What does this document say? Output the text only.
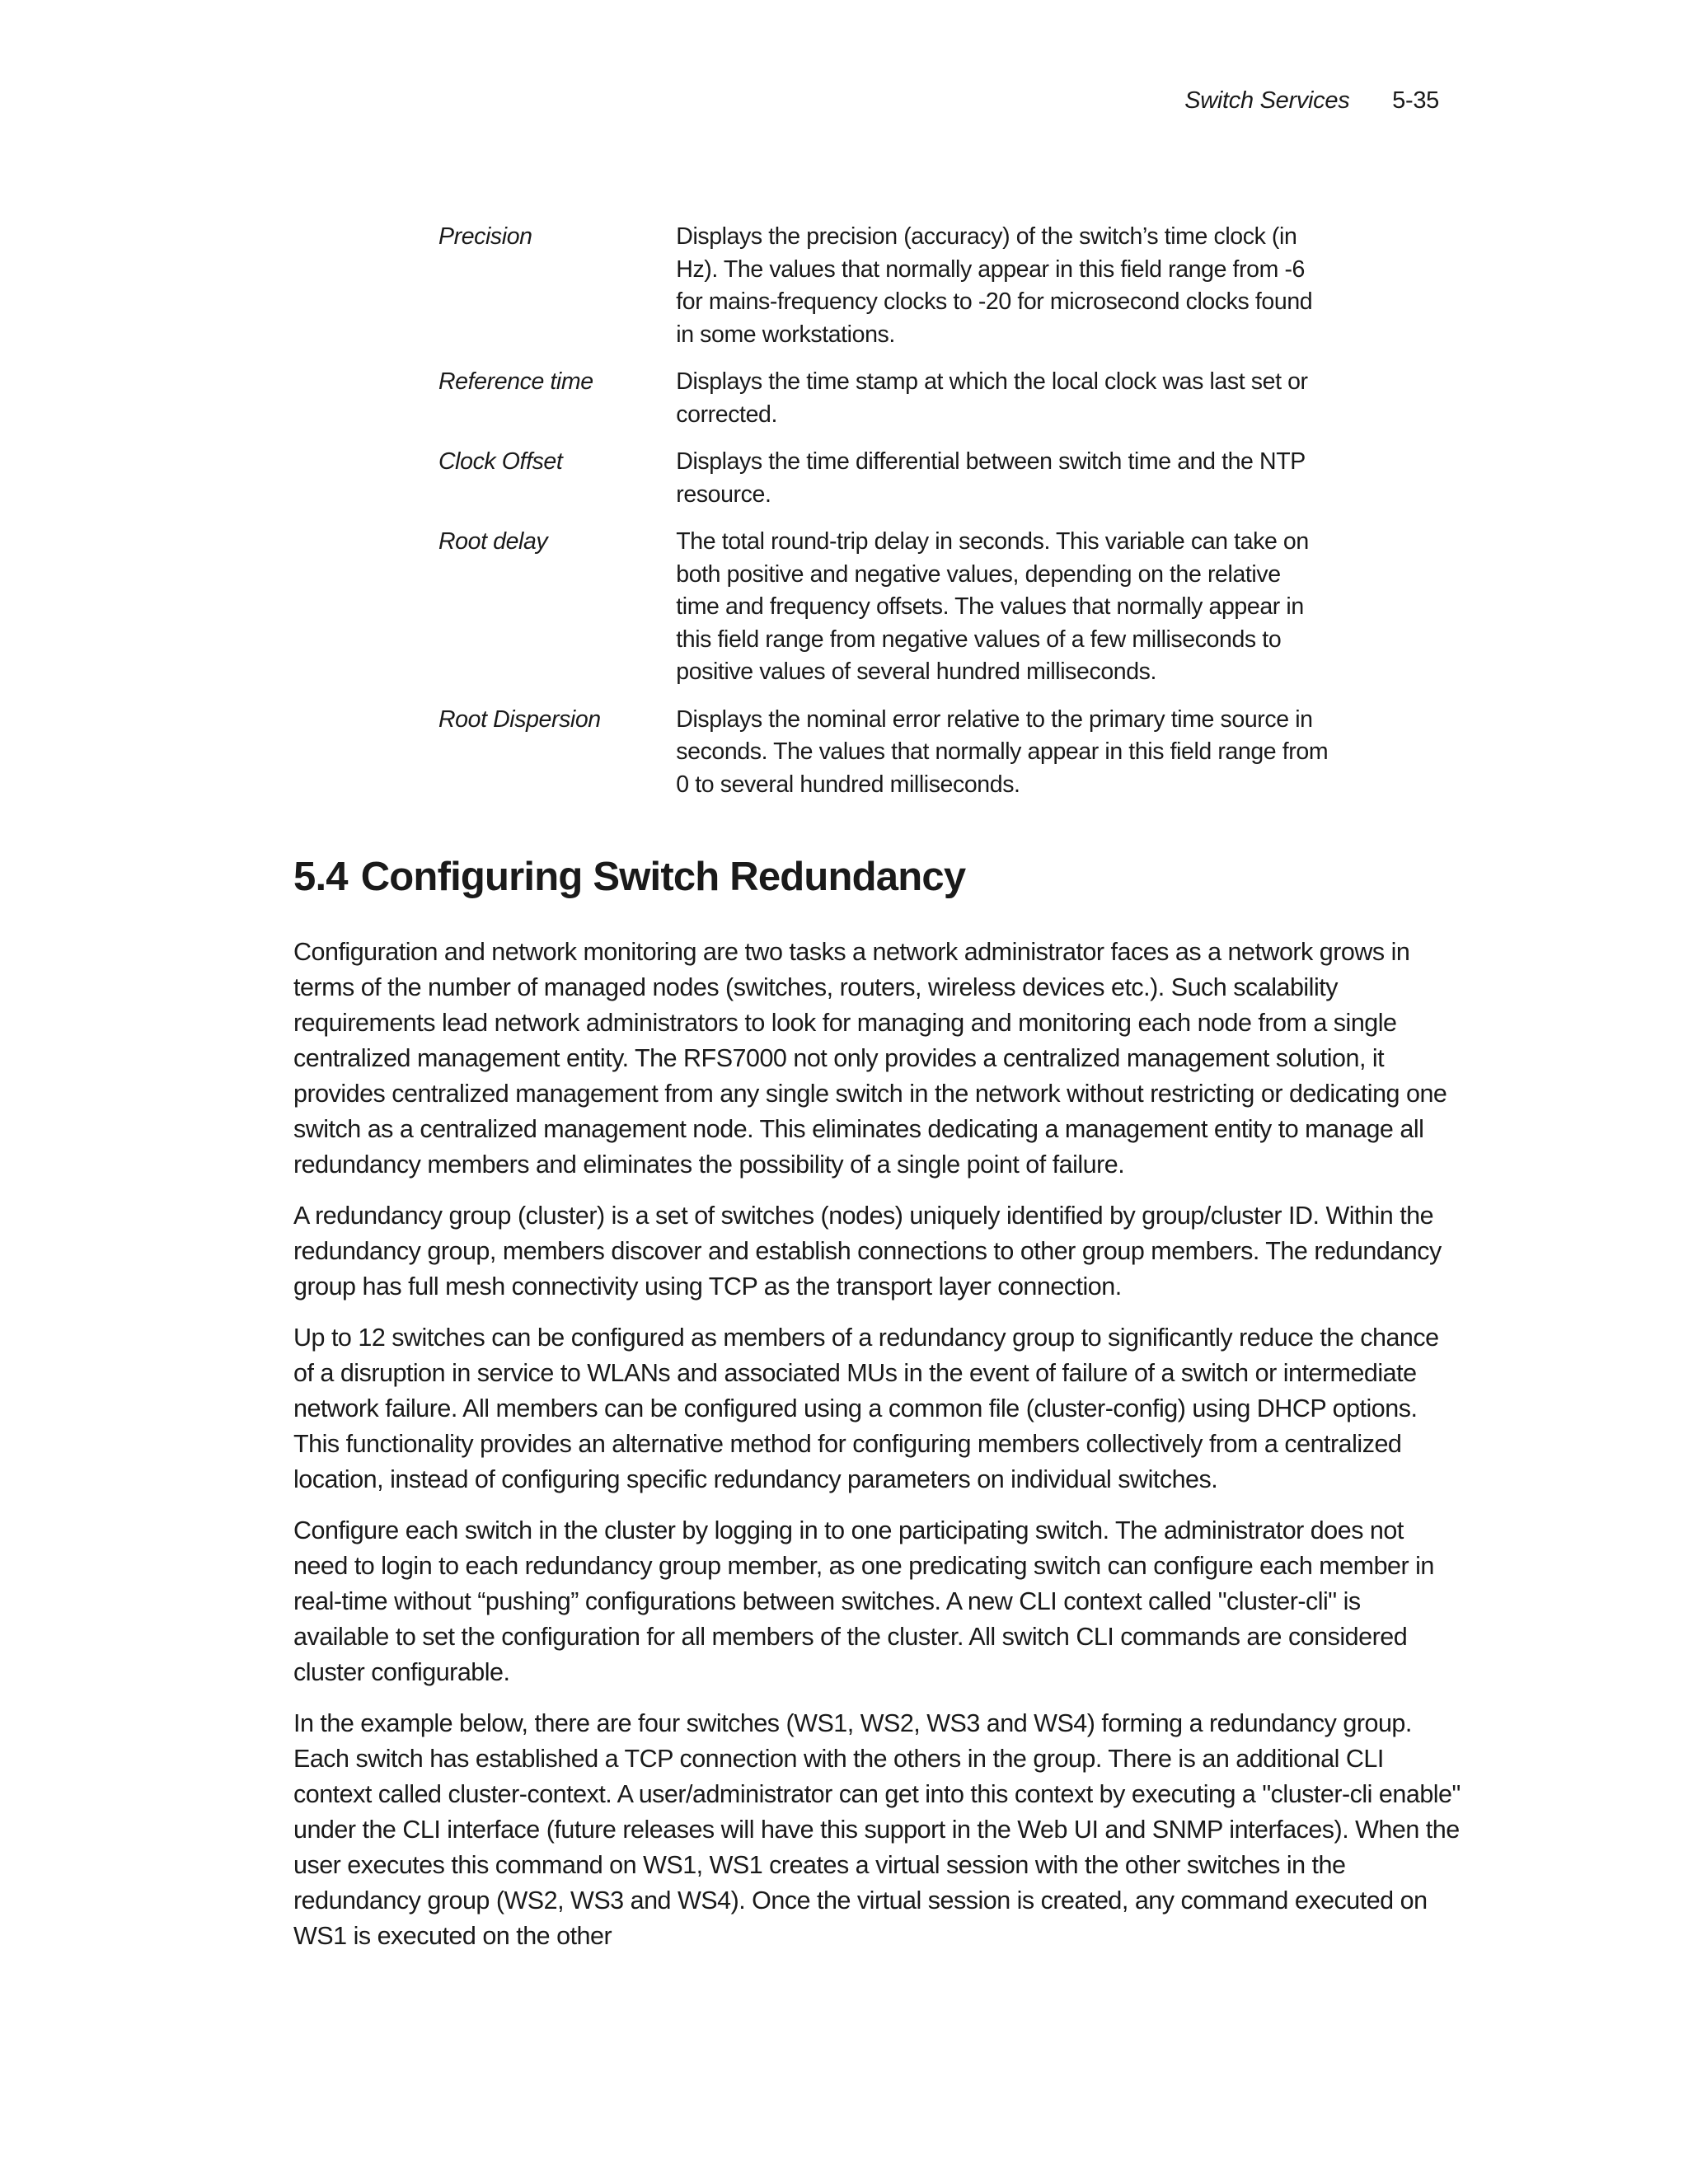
Switch Services 5-35
Precision	Displays the precision (accuracy) of the switch’s time clock (in Hz). The values that normally appear in this field range from -6 for mains-frequency clocks to -20 for microsecond clocks found in some workstations.
Reference time	Displays the time stamp at which the local clock was last set or corrected.
Clock Offset	Displays the time differential between switch time and the NTP resource.
Root delay	The total round-trip delay in seconds. This variable can take on both positive and negative values, depending on the relative time and frequency offsets. The values that normally appear in this field range from negative values of a few milliseconds to positive values of several hundred milliseconds.
Root Dispersion	Displays the nominal error relative to the primary time source in seconds. The values that normally appear in this field range from 0 to several hundred milliseconds.
5.4 Configuring Switch Redundancy

Configuration and network monitoring are two tasks a network administrator faces as a network grows in terms of the number of managed nodes (switches, routers, wireless devices etc.). Such scalability requirements lead network administrators to look for managing and monitoring each node from a single centralized management entity. The RFS7000 not only provides a centralized management solution, it provides centralized management from any single switch in the network without restricting or dedicating one switch as a centralized management node. This eliminates dedicating a management entity to manage all redundancy members and eliminates the possibility of a single point of failure.

A redundancy group (cluster) is a set of switches (nodes) uniquely identified by group/cluster ID. Within the redundancy group, members discover and establish connections to other group members. The redundancy group has full mesh connectivity using TCP as the transport layer connection.

Up to 12 switches can be configured as members of a redundancy group to significantly reduce the chance of a disruption in service to WLANs and associated MUs in the event of failure of a switch or intermediate network failure. All members can be configured using a common file (cluster-config) using DHCP options. This functionality provides an alternative method for configuring members collectively from a centralized location, instead of configuring specific redundancy parameters on individual switches.

Configure each switch in the cluster by logging in to one participating switch. The administrator does not need to login to each redundancy group member, as one predicating switch can configure each member in real-time without “pushing” configurations between switches. A new CLI context called "cluster-cli" is available to set the configuration for all members of the cluster. All switch CLI commands are considered cluster configurable.

In the example below, there are four switches (WS1, WS2, WS3 and WS4) forming a redundancy group. Each switch has established a TCP connection with the others in the group. There is an additional CLI context called cluster-context. A user/administrator can get into this context by executing a "cluster-cli enable" under the CLI interface (future releases will have this support in the Web UI and SNMP interfaces). When the user executes this command on WS1, WS1 creates a virtual session with the other switches in the redundancy group (WS2, WS3 and WS4). Once the virtual session is created, any command executed on WS1 is executed on the other
